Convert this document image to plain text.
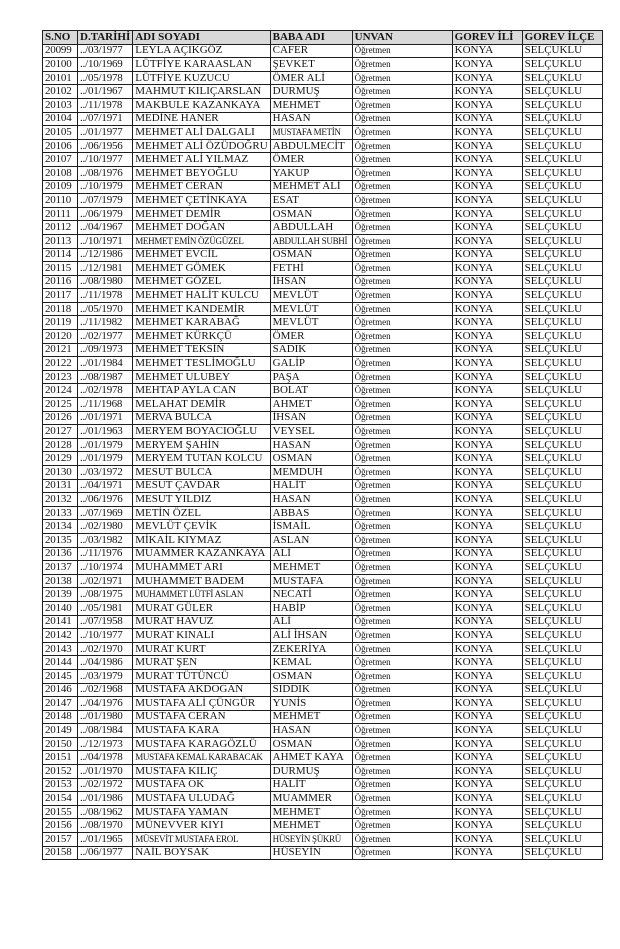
S.NO	D.TARİHİ	ADI SOYADI	BABA ADI	UNVAN	GOREV İLİ	GOREV İLÇE
20099	../03/1977	LEYLA AÇIKGÖZ	CAFER	Öğretmen	KONYA	SELÇUKLU
20100	../10/1969	LÜTFİYE KARAASLAN	ŞEVKET	Öğretmen	KONYA	SELÇUKLU
20101	../05/1978	LÜTFİYE KUZUCU	ÖMER ALİ	Öğretmen	KONYA	SELÇUKLU
20102	../01/1967	MAHMUT KILIÇARSLAN	DURMUŞ	Öğretmen	KONYA	SELÇUKLU
20103	../11/1978	MAKBULE KAZANKAYA	MEHMET	Öğretmen	KONYA	SELÇUKLU
20104	../07/1971	MEDİNE HANER	HASAN	Öğretmen	KONYA	SELÇUKLU
20105	../01/1977	MEHMET ALİ DALGALI	MUSTAFA METİN	Öğretmen	KONYA	SELÇUKLU
20106	../06/1956	MEHMET ALİ ÖZÜDOĞRU	ABDULMECİT	Öğretmen	KONYA	SELÇUKLU
20107	../10/1977	MEHMET ALİ YILMAZ	ÖMER	Öğretmen	KONYA	SELÇUKLU
20108	../08/1976	MEHMET BEYOĞLU	YAKUP	Öğretmen	KONYA	SELÇUKLU
20109	../10/1979	MEHMET CERAN	MEHMET ALİ	Öğretmen	KONYA	SELÇUKLU
20110	../07/1979	MEHMET ÇETİNKAYA	ESAT	Öğretmen	KONYA	SELÇUKLU
20111	../06/1979	MEHMET DEMİR	OSMAN	Öğretmen	KONYA	SELÇUKLU
20112	../04/1967	MEHMET DOĞAN	ABDULLAH	Öğretmen	KONYA	SELÇUKLU
20113	../10/1971	MEHMET EMİN ÖZÜGÜZEL	ABDULLAH SUBHİ	Öğretmen	KONYA	SELÇUKLU
20114	../12/1986	MEHMET EVCİL	OSMAN	Öğretmen	KONYA	SELÇUKLU
20115	../12/1981	MEHMET GÖMEK	FETHİ	Öğretmen	KONYA	SELÇUKLU
20116	../08/1980	MEHMET GÖZEL	İHSAN	Öğretmen	KONYA	SELÇUKLU
20117	../11/1978	MEHMET HALİT KULCU	MEVLÜT	Öğretmen	KONYA	SELÇUKLU
20118	../05/1970	MEHMET KANDEMİR	MEVLÜT	Öğretmen	KONYA	SELÇUKLU
20119	../11/1982	MEHMET KARABAĞ	MEVLÜT	Öğretmen	KONYA	SELÇUKLU
20120	../02/1977	MEHMET KÜRKÇÜ	ÖMER	Öğretmen	KONYA	SELÇUKLU
20121	../09/1973	MEHMET TEKSİN	SADIK	Öğretmen	KONYA	SELÇUKLU
20122	../01/1984	MEHMET TESLİMOĞLU	GALİP	Öğretmen	KONYA	SELÇUKLU
20123	../08/1987	MEHMET ULUBEY	PAŞA	Öğretmen	KONYA	SELÇUKLU
20124	../02/1978	MEHTAP AYLA CAN	BOLAT	Öğretmen	KONYA	SELÇUKLU
20125	../11/1968	MELAHAT DEMİR	AHMET	Öğretmen	KONYA	SELÇUKLU
20126	../01/1971	MERVA BULCA	İHSAN	Öğretmen	KONYA	SELÇUKLU
20127	../01/1963	MERYEM BOYACIOĞLU	VEYSEL	Öğretmen	KONYA	SELÇUKLU
20128	../01/1979	MERYEM ŞAHİN	HASAN	Öğretmen	KONYA	SELÇUKLU
20129	../01/1979	MERYEM TUTAN KOLCU	OSMAN	Öğretmen	KONYA	SELÇUKLU
20130	../03/1972	MESUT BULCA	MEMDUH	Öğretmen	KONYA	SELÇUKLU
20131	../04/1971	MESUT ÇAVDAR	HALİT	Öğretmen	KONYA	SELÇUKLU
20132	../06/1976	MESUT YILDIZ	HASAN	Öğretmen	KONYA	SELÇUKLU
20133	../07/1969	METİN ÖZEL	ABBAS	Öğretmen	KONYA	SELÇUKLU
20134	../02/1980	MEVLÜT ÇEVİK	İSMAİL	Öğretmen	KONYA	SELÇUKLU
20135	../03/1982	MİKAİL KIYMAZ	ASLAN	Öğretmen	KONYA	SELÇUKLU
20136	../11/1976	MUAMMER KAZANKAYA	ALİ	Öğretmen	KONYA	SELÇUKLU
20137	../10/1974	MUHAMMET ARI	MEHMET	Öğretmen	KONYA	SELÇUKLU
20138	../02/1971	MUHAMMET BADEM	MUSTAFA	Öğretmen	KONYA	SELÇUKLU
20139	../08/1975	MUHAMMET LÜTFİ ASLAN	NECATİ	Öğretmen	KONYA	SELÇUKLU
20140	../05/1981	MURAT GÜLER	HABİP	Öğretmen	KONYA	SELÇUKLU
20141	../07/1958	MURAT HAVUZ	ALİ	Öğretmen	KONYA	SELÇUKLU
20142	../10/1977	MURAT KINALI	ALİ İHSAN	Öğretmen	KONYA	SELÇUKLU
20143	../02/1970	MURAT KURT	ZEKERİYA	Öğretmen	KONYA	SELÇUKLU
20144	../04/1986	MURAT ŞEN	KEMAL	Öğretmen	KONYA	SELÇUKLU
20145	../03/1979	MURAT TÜTÜNCÜ	OSMAN	Öğretmen	KONYA	SELÇUKLU
20146	../02/1968	MUSTAFA AKDOĞAN	SIDDIK	Öğretmen	KONYA	SELÇUKLU
20147	../04/1976	MUSTAFA ALİ ÇÜNGÜR	YUNİS	Öğretmen	KONYA	SELÇUKLU
20148	../01/1980	MUSTAFA CERAN	MEHMET	Öğretmen	KONYA	SELÇUKLU
20149	../08/1984	MUSTAFA KARA	HASAN	Öğretmen	KONYA	SELÇUKLU
20150	../12/1973	MUSTAFA KARAGÖZLÜ	OSMAN	Öğretmen	KONYA	SELÇUKLU
20151	../04/1978	MUSTAFA KEMAL KARABACAK	AHMET KAYA	Öğretmen	KONYA	SELÇUKLU
20152	../01/1970	MUSTAFA KILIÇ	DURMUŞ	Öğretmen	KONYA	SELÇUKLU
20153	../02/1972	MUSTAFA OK	HALİT	Öğretmen	KONYA	SELÇUKLU
20154	../01/1986	MUSTAFA ULUDAĞ	MUAMMER	Öğretmen	KONYA	SELÇUKLU
20155	../08/1962	MUSTAFA YAMAN	MEHMET	Öğretmen	KONYA	SELÇUKLU
20156	../08/1970	MÜNEVVER KIYI	MEHMET	Öğretmen	KONYA	SELÇUKLU
20157	../01/1965	MÜSEVİT MUSTAFA EROL	HÜSEYİN ŞÜKRÜ	Öğretmen	KONYA	SELÇUKLU
20158	../06/1977	NAİL BOYSAK	HÜSEYİN	Öğretmen	KONYA	SELÇUKLU
